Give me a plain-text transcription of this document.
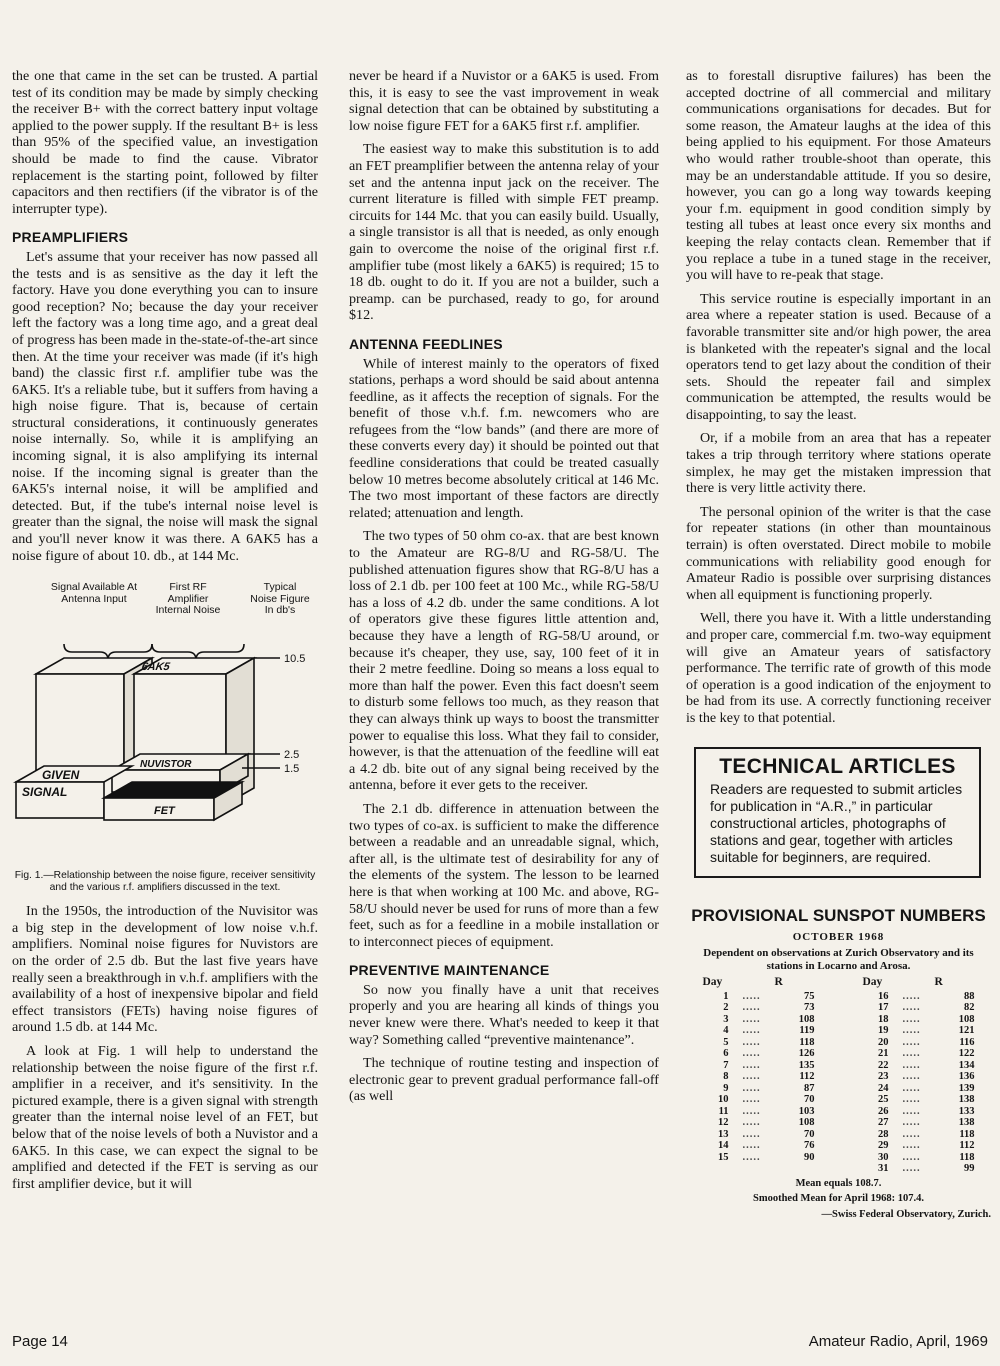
the one that came in the set can be trusted. A partial test of its condition may be made by simply checking the receiver B+ with the correct battery input voltage applied to the power supply. If the resultant B+ is less than 95% of the specified value, an investigation should be made to find the cause. Vibrator replacement is the starting point, followed by filter capacitors and then rectifiers (if the vibrator is of the interrupter type).

PREAMPLIFIERS

Let's assume that your receiver has now passed all the tests and is as sensitive as the day it left the factory. Have you done everything you can to insure good reception? No; because the day your receiver left the factory was a long time ago, and a great deal of progress has been made in the-state-of-the-art since then. At the time your receiver was made (if it's high band) the classic first r.f. amplifier tube was the 6AK5. It's a reliable tube, but it suffers from having a high noise figure. That is, because of certain structural considerations, it continuously generates noise internally. So, while it is amplifying an incoming signal, it is also amplifying its internal noise. If the incoming signal is greater than the 6AK5's internal noise, it will be amplified and detected. But, if the tube's internal noise level is greater than the signal, the noise will mask the signal and you'll never know it was there. A 6AK5 has a noise figure of about 10. db., at 144 Mc.

Signal Available At Antenna Input
First RF Amplifier Internal Noise
Typical Noise Figure In db's
6AK5
NUVISTOR
GIVEN
SIGNAL
FET
10.5
2.5
1.5
Fig. 1.—Relationship between the noise figure, receiver sensitivity and the various r.f. amplifiers discussed in the text.

In the 1950s, the introduction of the Nuvisitor was a big step in the development of low noise v.h.f. amplifiers. Nominal noise figures for Nuvistors are on the order of 2.5 db. But the last five years have really seen a breakthrough in v.h.f. amplifiers with the availability of a host of inexpensive bipolar and field effect transistors (FETs) having noise figures of around 1.5 db. at 144 Mc.

A look at Fig. 1 will help to understand the relationship between the noise figure of the first r.f. amplifier in a receiver, and it's sensitivity. In the pictured example, there is a given signal with strength greater than the internal noise level of an FET, but below that of the noise levels of both a Nuvistor and a 6AK5. In this case, we can expect the signal to be amplified and detected if the FET is serving as our first amplifier device, but it will

never be heard if a Nuvistor or a 6AK5 is used. From this, it is easy to see the vast improvement in weak signal detection that can be obtained by substituting a low noise figure FET for a 6AK5 first r.f. amplifier.

The easiest way to make this substitution is to add an FET preamplifier between the antenna relay of your set and the antenna input jack on the receiver. The current literature is filled with simple FET preamp. circuits for 144 Mc. that you can easily build. Usually, a single transistor is all that is needed, as only enough gain to overcome the noise of the original first r.f. amplifier tube (most likely a 6AK5) is required; 15 to 18 db. ought to do it. If you are not a builder, such a preamp. can be purchased, ready to go, for around $12.

ANTENNA FEEDLINES

While of interest mainly to the operators of fixed stations, perhaps a word should be said about antenna feedline, as it affects the reception of signals. For the benefit of those v.h.f. f.m. newcomers who are refugees from the “low bands” (and there are more of these converts every day) it should be pointed out that feedline considerations that could be treated casually below 10 metres become absolutely critical at 146 Mc. The two most important of these factors are directly related; attenuation and length.

The two types of 50 ohm co-ax. that are best known to the Amateur are RG-8/U and RG-58/U. The published attenuation figures show that RG-8/U has a loss of 2.1 db. per 100 feet at 100 Mc., while RG-58/U has a loss of 4.2 db. under the same conditions. A lot of operators give these figures little attention and, because they have a length of RG-58/U around, or because it's cheaper, they use, say, 100 feet of it in their 2 metre feedline. Doing so means a loss equal to more than half the power. Even this fact doesn't seem to disturb some fellows too much, as they reason that they can always think up ways to boost the transmitter power to equalise this loss. What they fail to consider, however, is that the attenuation of the feedline will eat a 4.2 db. bite out of any signal being received by the antenna, before it ever gets to the receiver.

The 2.1 db. difference in attenuation between the two types of co-ax. is sufficient to make the difference between a readable and an unreadable signal, which, after all, is the ultimate test of desirability for any of the elements of the system. The lesson to be learned here is that when working at 100 Mc. and above, RG-58/U should never be used for runs of more than a few feet, such as for a feedline in a mobile installation or to interconnect pieces of equipment.

PREVENTIVE MAINTENANCE

So now you finally have a unit that receives properly and you are hearing all kinds of things you never knew were there. What's needed to keep it that way? Something called “preventive maintenance”.

The technique of routine testing and inspection of electronic gear to prevent gradual performance fall-off (as well

as to forestall disruptive failures) has been the accepted doctrine of all commercial and military communications organisations for decades. But for some reason, the Amateur laughs at the idea of this being applied to his equipment. For those Amateurs who would rather trouble-shoot than operate, this may be an understandable attitude. If you so desire, however, you can go a long way towards keeping your f.m. equipment in good condition simply by testing all tubes at least once every six months and keeping the relay contacts clean. Remember that if you replace a tube in a tuned stage in the receiver, you will have to re-peak that stage.

This service routine is especially important in an area where a repeater station is used. Because of a favorable transmitter site and/or high power, the area is blanketed with the repeater's signal and the local operators tend to get lazy about the condition of their sets. Should the repeater fail and simplex communication be attempted, the results would be disappointing, to say the least.

Or, if a mobile from an area that has a repeater takes a trip through territory where stations operate simplex, he may get the mistaken impression that there is very little activity there.

The personal opinion of the writer is that the case for repeater stations (in other than mountainous terrain) is often overstated. Direct mobile to mobile communications with reliability good enough for Amateur Radio is possible over surprising distances when all equipment is functioning properly.

Well, there you have it. With a little understanding and proper care, commercial f.m. two-way equipment will give an Amateur years of satisfactory performance. The terrific rate of growth of this mode of operation is a good indication of the enjoyment to be had from its use. A correctly functioning receiver is the key to that potential.

TECHNICAL ARTICLES

Readers are requested to submit articles for publication in “A.R.,” in particular constructional articles, photographs of stations and gear, together with articles suitable for beginners, are required.

PROVISIONAL SUNSPOT NUMBERS
OCTOBER 1968
Dependent on observations at Zurich Observatory and its stations in Locarno and Arosa.
Day		R		Day		R
1	.....	75		16	.....	88
2	.....	73		17	.....	82
3	.....	108		18	.....	108
4	.....	119		19	.....	121
5	.....	118		20	.....	116
6	.....	126		21	.....	122
7	.....	135		22	.....	134
8	.....	112		23	.....	136
9	.....	87		24	.....	139
10	.....	70		25	.....	138
11	.....	103		26	.....	133
12	.....	108		27	.....	138
13	.....	70		28	.....	118
14	.....	76		29	.....	112
15	.....	90		30	.....	118
				31	.....	99
Mean equals 108.7.
Smoothed Mean for April 1968: 107.4.
—Swiss Federal Observatory, Zurich.
Page 14	Amateur Radio, April, 1969
